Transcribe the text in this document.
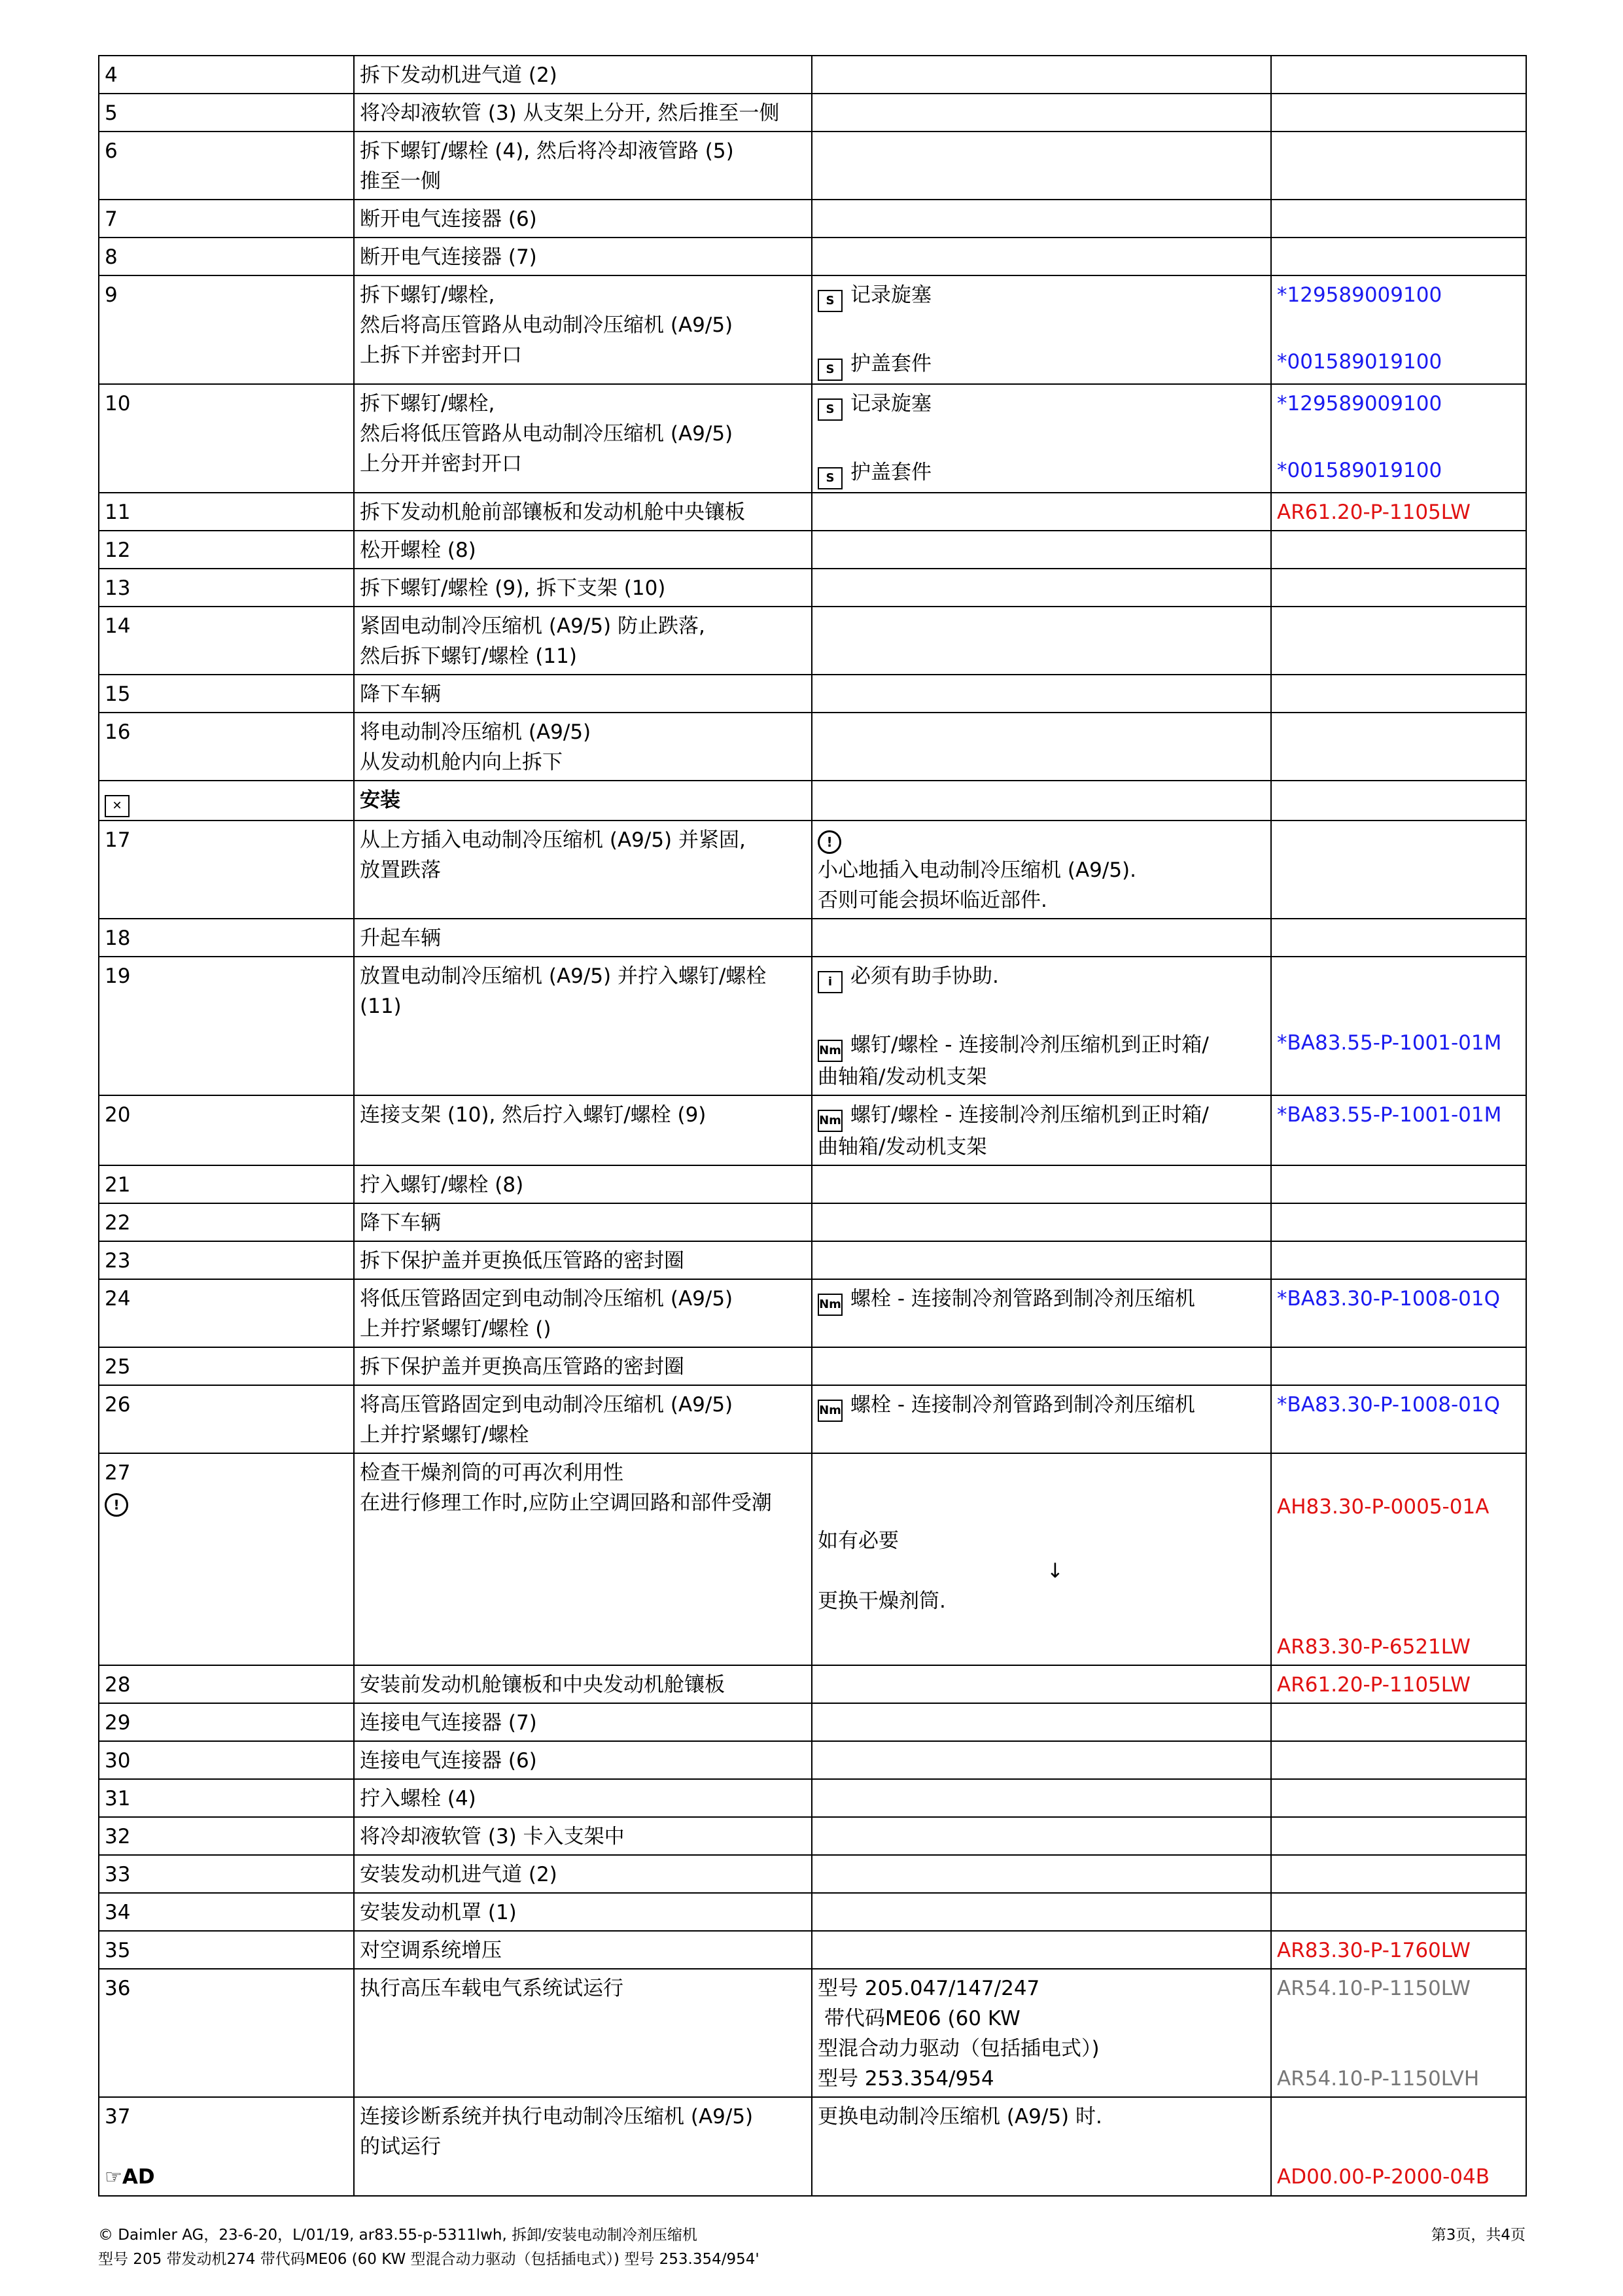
4	拆下发动机进气道 (2)		
5	将冷却液软管 (3) 从支架上分开, 然后推至一侧		
6	拆下螺钉/螺栓 (4), 然后将冷却液管路 (5)
推至一侧		

7	断开电气连接器 (6)		
8	断开电气连接器 (7)		
9	拆下螺钉/螺栓,
然后将高压管路从电动制冷压缩机 (A9/5)
上拆下并密封开口	S 记录旋塞
S 护盖套件	*129589009100
*001589019100

10	拆下螺钉/螺栓,
然后将低压管路从电动制冷压缩机 (A9/5)
上分开并密封开口	S 记录旋塞
S 护盖套件	*129589009100
*001589019100

11	拆下发动机舱前部镶板和发动机舱中央镶板		AR61.20-P-1105LW
12	松开螺栓 (8)		
13	拆下螺钉/螺栓 (9), 拆下支架 (10)		
14	紧固电动制冷压缩机 (A9/5) 防止跌落,
然后拆下螺钉/螺栓 (11)		

15	降下车辆		
16	将电动制冷压缩机 (A9/5)
从发动机舱内向上拆下		

✕	安装		
17	从上方插入电动制冷压缩机 (A9/5) 并紧固,
放置跌落	!
小心地插入电动制冷压缩机 (A9/5).
否则可能会损坏临近部件.	

18	升起车辆		
19	放置电动制冷压缩机 (A9/5) 并拧入螺钉/螺栓
(11)	i 必须有助手协助.
Nm 螺钉/螺栓 - 连接制冷剂压缩机到正时箱/
曲轴箱/发动机支架	*BA83.55-P-1001-01M

20	连接支架 (10), 然后拧入螺钉/螺栓 (9)	Nm 螺钉/螺栓 - 连接制冷剂压缩机到正时箱/
曲轴箱/发动机支架	*BA83.55-P-1001-01M
21	拧入螺钉/螺栓 (8)		
22	降下车辆		
23	拆下保护盖并更换低压管路的密封圈		
24	将低压管路固定到电动制冷压缩机 (A9/5)
上并拧紧螺钉/螺栓 ()	Nm 螺栓 - 连接制冷剂管路到制冷剂压缩机	*BA83.30-P-1008-01Q
25	拆下保护盖并更换高压管路的密封圈		
26	将高压管路固定到电动制冷压缩机 (A9/5)
上并拧紧螺钉/螺栓	Nm 螺栓 - 连接制冷剂管路到制冷剂压缩机	*BA83.30-P-1008-01Q

27
!	检查干燥剂筒的可再次利用性
在进行修理工作时,应防止空调回路和部件受潮	如有必要
↓
更换干燥剂筒.	AH83.30-P-0005-01A
AR83.30-P-6521LW

28	安装前发动机舱镶板和中央发动机舱镶板		AR61.20-P-1105LW
29	连接电气连接器 (7)		
30	连接电气连接器 (6)		
31	拧入螺栓 (4)		
32	将冷却液软管 (3) 卡入支架中		
33	安装发动机进气道 (2)		
34	安装发动机罩 (1)		
35	对空调系统增压		AR83.30-P-1760LW
36	执行高压车载电气系统试运行	型号 205.047/147/247
带代码ME06 (60 KW
型混合动力驱动（包括插电式）)
型号 253.354/954	AR54.10-P-1150LW
AR54.10-P-1150LVH

37
☞AD	连接诊断系统并执行电动制冷压缩机 (A9/5)
的试运行	更换电动制冷压缩机 (A9/5) 时.	AD00.00-P-2000-04B
© Daimler AG，23-6-20，L/01/19, ar83.55-p-5311lwh, 拆卸/安装电动制冷剂压缩机
型号 205 带发动机274 带代码ME06 (60 KW 型混合动力驱动（包括插电式）) 型号 253.354/954'
第3页，共4页
